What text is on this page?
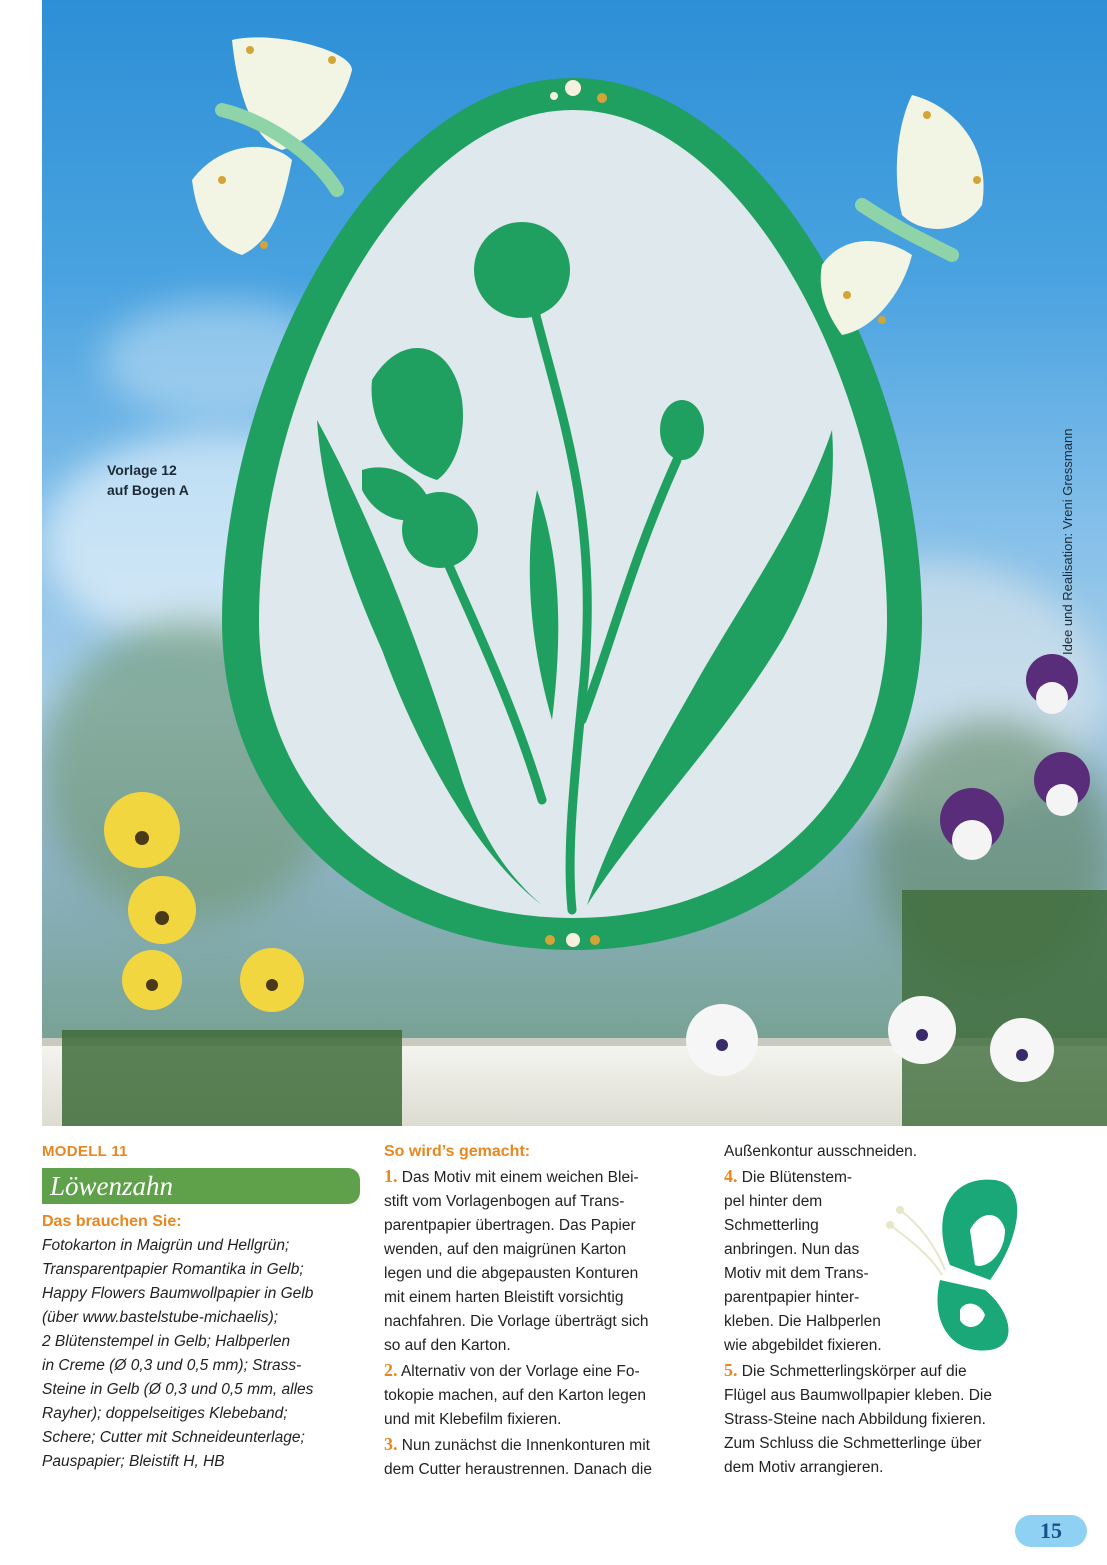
Vorlage 12
auf Bogen A	Idee und Realisation: Vreni Gressmann
MODELL 11
Löwenzahn
Das brauchen Sie:
Fotokarton in Maigrün und Hellgrün;
Transparentpapier Romantika in Gelb;
Happy Flowers Baumwollpapier in Gelb
(über www.bastelstube-michaelis);
2 Blütenstempel in Gelb; Halbperlen
in Creme (Ø 0,3 und 0,5 mm); Strass-
Steine in Gelb (Ø 0,3 und 0,5 mm, alles
Rayher); doppelseitiges Klebeband;
Schere; Cutter mit Schneideunterlage;
Pauspapier; Bleistift H, HB
So wird’s gemacht:
1. Das Motiv mit einem weichen Blei-
stift vom Vorlagenbogen auf Trans-
parentpapier übertragen. Das Papier
wenden, auf den maigrünen Karton
legen und die abgepausten Konturen
mit einem harten Bleistift vorsichtig
nachfahren. Die Vorlage überträgt sich
so auf den Karton.
2. Alternativ von der Vorlage eine Fo-
tokopie machen, auf den Karton legen
und mit Klebefilm fixieren.
3. Nun zunächst die Innenkonturen mit
dem Cutter heraustrennen. Danach die
Außenkontur ausschneiden.
4. Die Blütenstem-
pel hinter dem
Schmetterling
anbringen. Nun das
Motiv mit dem Trans-
parentpapier hinter-
kleben. Die Halbperlen
wie abgebildet fixieren.
5. Die Schmetterlingskörper auf die
Flügel aus Baumwollpapier kleben. Die
Strass-Steine nach Abbildung fixieren.
Zum Schluss die Schmetterlinge über
dem Motiv arrangieren.
15
